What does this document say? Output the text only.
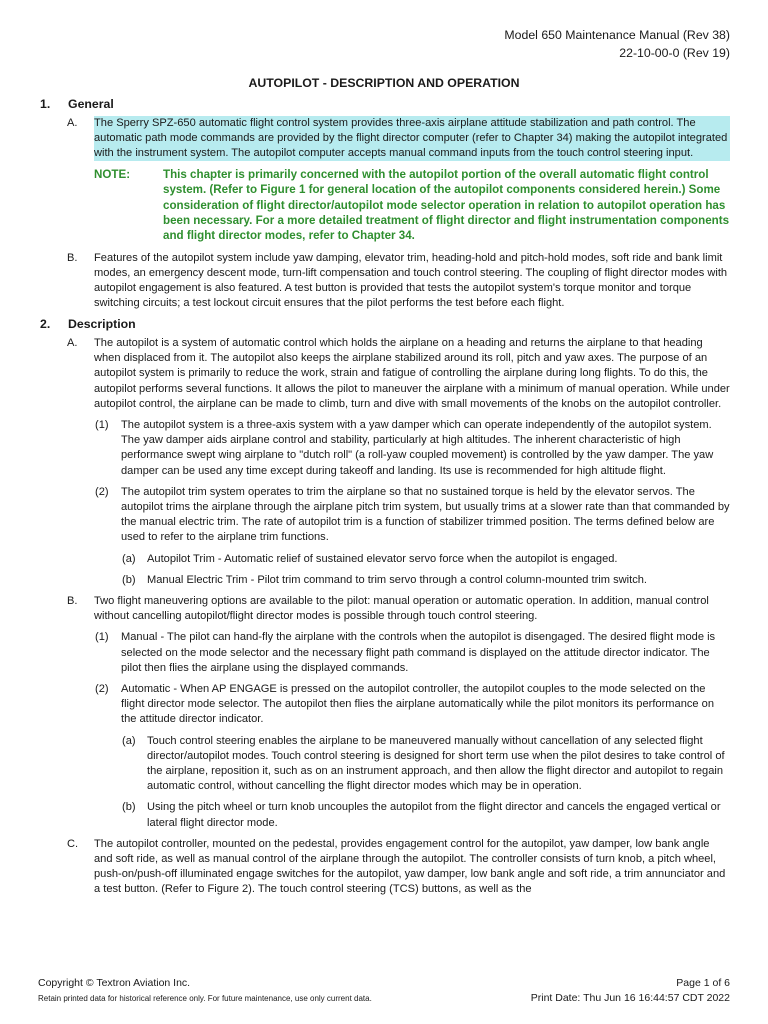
Model 650 Maintenance Manual (Rev 38)
22-10-00-0 (Rev 19)
AUTOPILOT - DESCRIPTION AND OPERATION
1. General
A. The Sperry SPZ-650 automatic flight control system provides three-axis airplane attitude stabilization and path control. The automatic path mode commands are provided by the flight director computer (refer to Chapter 34) making the autopilot integrated with the instrument system. The autopilot computer accepts manual command inputs from the touch control steering input.
NOTE:	This chapter is primarily concerned with the autopilot portion of the overall automatic flight control system. (Refer to Figure 1 for general location of the autopilot components considered herein.) Some consideration of flight director/autopilot mode selector operation in relation to autopilot operation has been necessary. For a more detailed treatment of flight director and flight instrumentation components and flight director modes, refer to Chapter 34.
B. Features of the autopilot system include yaw damping, elevator trim, heading-hold and pitch-hold modes, soft ride and bank limit modes, an emergency descent mode, turn-lift compensation and touch control steering. The coupling of flight director modes with autopilot engagement is also featured. A test button is provided that tests the autopilot system's torque monitor and torque switching circuits; a test lockout circuit ensures that the pilot performs the test before each flight.
2. Description
A. The autopilot is a system of automatic control which holds the airplane on a heading and returns the airplane to that heading when displaced from it. The autopilot also keeps the airplane stabilized around its roll, pitch and yaw axes. The purpose of an autopilot system is primarily to reduce the work, strain and fatigue of controlling the airplane during long flights. To do this, the autopilot performs several functions. It allows the pilot to maneuver the airplane with a minimum of manual operation. While under autopilot control, the airplane can be made to climb, turn and dive with small movements of the knobs on the autopilot controller.
(1) The autopilot system is a three-axis system with a yaw damper which can operate independently of the autopilot system. The yaw damper aids airplane control and stability, particularly at high altitudes. The inherent characteristic of high performance swept wing airplane to "dutch roll" (a roll-yaw coupled movement) is controlled by the yaw damper. The yaw damper can be used any time except during takeoff and landing. Its use is recommended for high altitude flight.
(2) The autopilot trim system operates to trim the airplane so that no sustained torque is held by the elevator servos. The autopilot trims the airplane through the airplane pitch trim system, but usually trims at a slower rate than that commanded by the manual electric trim. The rate of autopilot trim is a function of stabilizer trimmed position. The terms defined below are used to refer to the airplane trim functions.
(a) Autopilot Trim - Automatic relief of sustained elevator servo force when the autopilot is engaged.
(b) Manual Electric Trim - Pilot trim command to trim servo through a control column-mounted trim switch.
B. Two flight maneuvering options are available to the pilot: manual operation or automatic operation. In addition, manual control without cancelling autopilot/flight director modes is possible through touch control steering.
(1) Manual - The pilot can hand-fly the airplane with the controls when the autopilot is disengaged. The desired flight mode is selected on the mode selector and the necessary flight path command is displayed on the attitude director indicator. The pilot then flies the airplane using the displayed commands.
(2) Automatic - When AP ENGAGE is pressed on the autopilot controller, the autopilot couples to the mode selected on the flight director mode selector. The autopilot then flies the airplane automatically while the pilot monitors its performance on the attitude director indicator.
(a) Touch control steering enables the airplane to be maneuvered manually without cancellation of any selected flight director/autopilot modes. Touch control steering is designed for short term use when the pilot desires to take control of the airplane, reposition it, such as on an instrument approach, and then allow the flight director and autopilot to regain automatic control, without cancelling the flight director modes which may be in operation.
(b) Using the pitch wheel or turn knob uncouples the autopilot from the flight director and cancels the engaged vertical or lateral flight director mode.
C. The autopilot controller, mounted on the pedestal, provides engagement control for the autopilot, yaw damper, low bank angle and soft ride, as well as manual control of the airplane through the autopilot. The controller consists of turn knob, a pitch wheel, push-on/push-off illuminated engage switches for the autopilot, yaw damper, low bank angle and soft ride, a trim annunciator and a test button. (Refer to Figure 2). The touch control steering (TCS) buttons, as well as the
Copyright © Textron Aviation Inc.
Retain printed data for historical reference only. For future maintenance, use only current data.
Page 1 of 6
Print Date: Thu Jun 16 16:44:57 CDT 2022
